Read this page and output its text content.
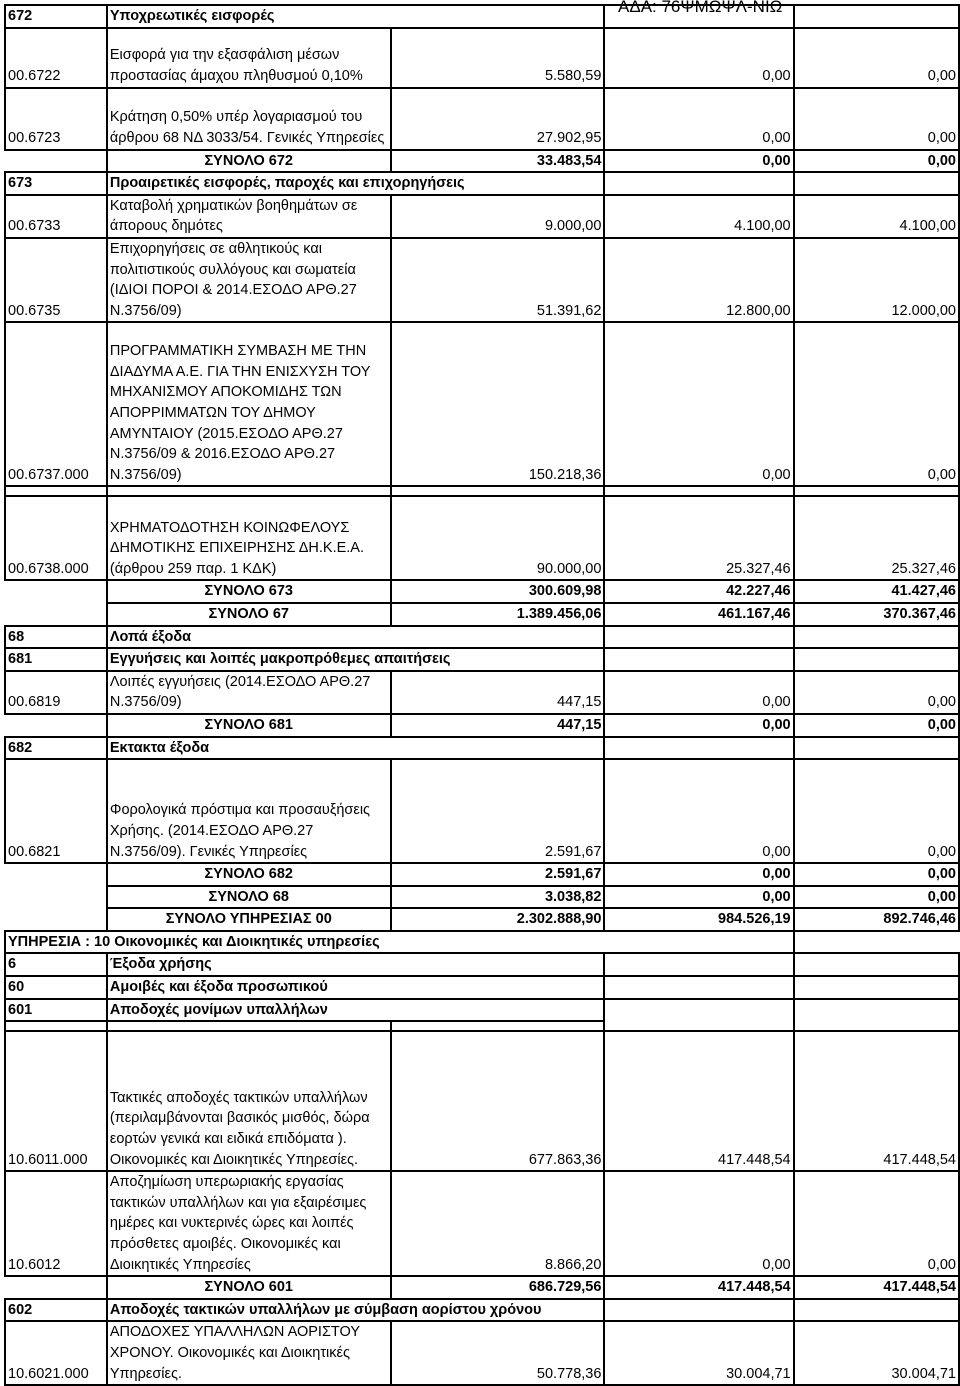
ΑΔΑ: 76ΨΜΩΨΛ-ΝΙΩ
672	Υποχρεωτικές εισφορές			
00.6722	Εισφορά για την εξασφάλιση μέσων προστασίας άμαχου πληθυσμού 0,10%	5.580,59	0,00	0,00
00.6723	Κράτηση 0,50% υπέρ λογαριασμού του άρθρου 68 ΝΔ 3033/54. Γενικές Υπηρεσίες	27.902,95	0,00	0,00
	ΣΥΝΟΛΟ 672	33.483,54	0,00	0,00
673	Προαιρετικές εισφορές, παροχές και επιχορηγήσεις			
00.6733	Καταβολή χρηματικών βοηθημάτων σε άπορους δημότες	9.000,00	4.100,00	4.100,00
00.6735	Επιχορηγήσεις σε αθλητικούς και πολιτιστικούς συλλόγους και σωματεία (ΙΔΙΟΙ ΠΟΡΟΙ & 2014.ΕΣΟΔΟ ΑΡΘ.27 Ν.3756/09)	51.391,62	12.800,00	12.000,00
00.6737.000	ΠΡΟΓΡΑΜΜΑΤΙΚΗ ΣΥΜΒΑΣΗ ΜΕ ΤΗΝ ΔΙΑΔΥΜΑ Α.Ε. ΓΙΑ ΤΗΝ ΕΝΙΣΧΥΣΗ ΤΟΥ ΜΗΧΑΝΙΣΜΟΥ ΑΠΟΚΟΜΙΔΗΣ ΤΩΝ ΑΠΟΡΡΙΜΜΑΤΩΝ ΤΟΥ ΔΗΜΟΥ ΑΜΥΝΤΑΙΟΥ (2015.ΕΣΟΔΟ ΑΡΘ.27 Ν.3756/09 & 2016.ΕΣΟΔΟ ΑΡΘ.27 Ν.3756/09)	150.218,36	0,00	0,00

00.6738.000	ΧΡΗΜΑΤΟΔΟΤΗΣΗ ΚΟΙΝΩΦΕΛΟΥΣ ΔΗΜΟΤΙΚΗΣ ΕΠΙΧΕΙΡΗΣΗΣ ΔΗ.Κ.Ε.Α. (άρθρου 259 παρ. 1 ΚΔΚ)	90.000,00	25.327,46	25.327,46
	ΣΥΝΟΛΟ 673	300.609,98	42.227,46	41.427,46
	ΣΥΝΟΛΟ 67	1.389.456,06	461.167,46	370.367,46
68	Λοπά έξοδα			
681	Εγγυήσεις και λοιπές μακροπρόθεμες απαιτήσεις			
00.6819	Λοιπές εγγυήσεις (2014.ΕΣΟΔΟ ΑΡΘ.27 Ν.3756/09)	447,15	0,00	0,00
	ΣΥΝΟΛΟ 681	447,15	0,00	0,00
682	Εκτακτα έξοδα			
00.6821	Φορολογικά πρόστιμα και προσαυξήσεις Χρήσης. (2014.ΕΣΟΔΟ ΑΡΘ.27 Ν.3756/09). Γενικές Υπηρεσίες	2.591,67	0,00	0,00
	ΣΥΝΟΛΟ 682	2.591,67	0,00	0,00
	ΣΥΝΟΛΟ 68	3.038,82	0,00	0,00
	ΣΥΝΟΛΟ ΥΠΗΡΕΣΙΑΣ 00	2.302.888,90	984.526,19	892.746,46
ΥΠΗΡΕΣΙΑ : 10 Οικονομικές και Διοικητικές υπηρεσίες				
6	Έξοδα χρήσης			
60	Αμοιβές και έξοδα προσωπικού			
601	Αποδοχές μονίμων υπαλλήλων			

10.6011.000	Τακτικές αποδοχές τακτικών υπαλλήλων (περιλαμβάνονται βασικός μισθός, δώρα εορτών γενικά και ειδικά επιδόματα ). Οικονομικές και Διοικητικές Υπηρεσίες.	677.863,36	417.448,54	417.448,54
10.6012	Αποζημίωση υπερωριακής εργασίας τακτικών υπαλλήλων και για εξαιρέσιμες ημέρες και νυκτερινές ώρες και λοιπές πρόσθετες αμοιβές. Οικονομικές και Διοικητικές Υπηρεσίες	8.866,20	0,00	0,00
	ΣΥΝΟΛΟ 601	686.729,56	417.448,54	417.448,54
602	Αποδοχές τακτικών υπαλλήλων με σύμβαση αορίστου χρόνου			
10.6021.000	ΑΠΟΔΟΧΕΣ ΥΠΑΛΛΗΛΩΝ ΑΟΡΙΣΤΟΥ ΧΡΟΝΟΥ. Οικονομικές και Διοικητικές Υπηρεσίες.	50.778,36	30.004,71	30.004,71
